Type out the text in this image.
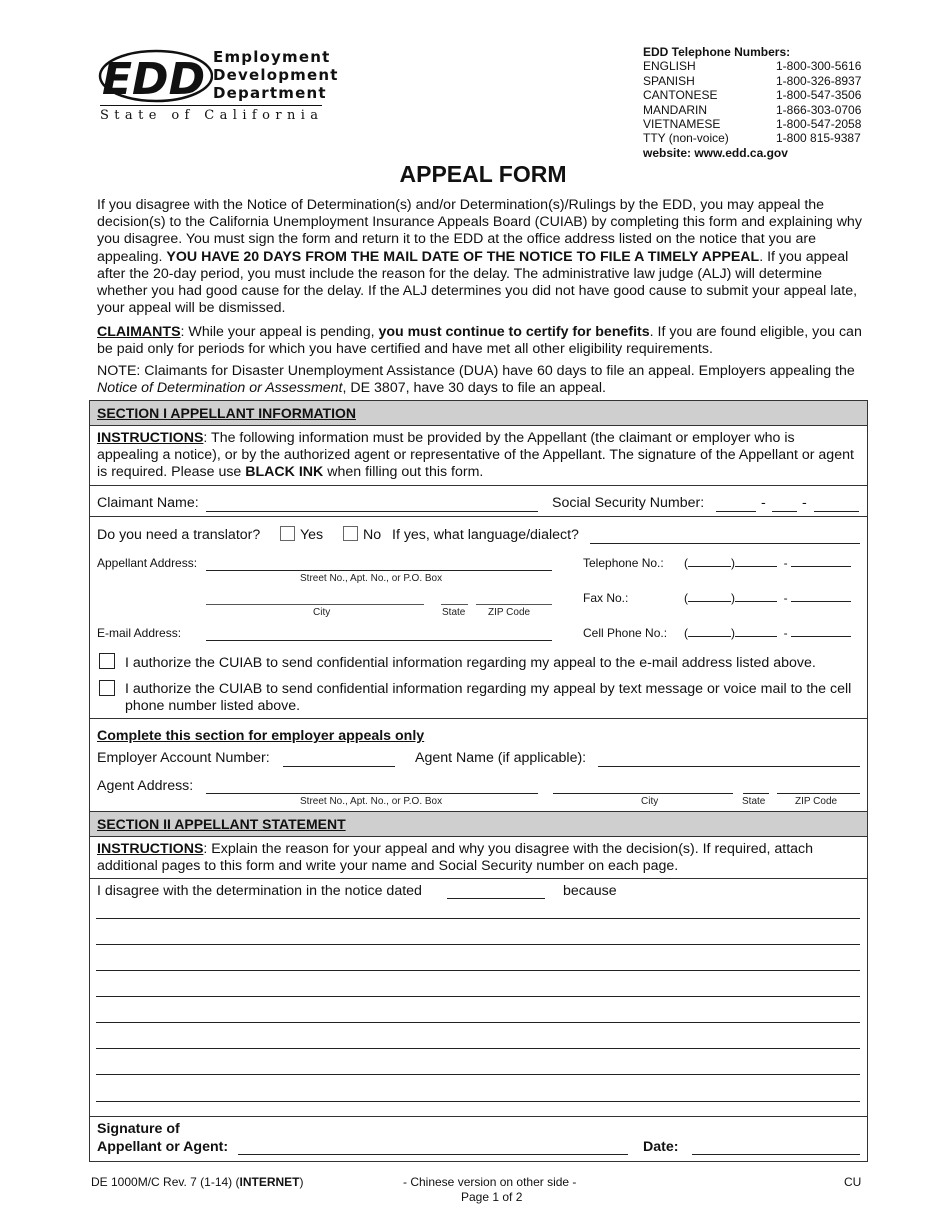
EDD Employment
Development
Department
State of California
EDD Telephone Numbers:
ENGLISH	1-800-300-5616
SPANISH	1-800-326-8937
CANTONESE	1-800-547-3506
MANDARIN	1-866-303-0706
VIETNAMESE	1-800-547-2058
TTY (non-voice)	1-800 815-9387
website: www.edd.ca.gov
APPEAL FORM

If you disagree with the Notice of Determination(s) and/or Determination(s)/Rulings by the EDD, you may appeal the decision(s) to the California Unemployment Insurance Appeals Board (CUIAB) by completing this form and explaining why you disagree. You must sign the form and return it to the EDD at the office address listed on the notice that you are appealing. YOU HAVE 20 DAYS FROM THE MAIL DATE OF THE NOTICE TO FILE A TIMELY APPEAL. If you appeal after the 20-day period, you must include the reason for the delay. The administrative law judge (ALJ) will determine whether you had good cause for the delay. If the ALJ determines you did not have good cause to submit your appeal late, your appeal will be dismissed.

CLAIMANTS: While your appeal is pending, you must continue to certify for benefits. If you are found eligible, you can be paid only for periods for which you have certified and have met all other eligibility requirements.

NOTE: Claimants for Disaster Unemployment Assistance (DUA) have 60 days to file an appeal. Employers appealing the Notice of Determination or Assessment, DE 3807, have 30 days to file an appeal.

SECTION I APPELLANT INFORMATION

INSTRUCTIONS: The following information must be provided by the Appellant (the claimant or employer who is appealing a notice), or by the authorized agent or representative of the Appellant. The signature of the Appellant or agent is required. Please use BLACK INK when filling out this form.

Claimant Name:	Social Security Number:	-	-
Do you need a translator?	Yes	No If yes, what language/dialect?
Appellant Address:
Street No., Apt. No., or P.O. Box
Telephone No.: (	)	-
City	State ZIP Code
Fax No.:	(	)	-
E-mail Address:	Cell Phone No.: (	)	-
I authorize the CUIAB to send confidential information regarding my appeal to the e-mail address listed above.
I authorize the CUIAB to send confidential information regarding my appeal by text message or voice mail to the cell phone number listed above.
Complete this section for employer appeals only
Employer Account Number:	Agent Name (if applicable):
Agent Address:
Street No., Apt. No., or P.O. Box	City	State	ZIP Code
SECTION II APPELLANT STATEMENT

INSTRUCTIONS: Explain the reason for your appeal and why you disagree with the decision(s). If required, attach additional pages to this form and write your name and Social Security number on each page.

I disagree with the determination in the notice dated	because
Signature of
Appellant or Agent:	Date:
DE 1000M/C Rev. 7 (1-14) (INTERNET)	- Chinese version on other side -
Page 1 of 2
CU
